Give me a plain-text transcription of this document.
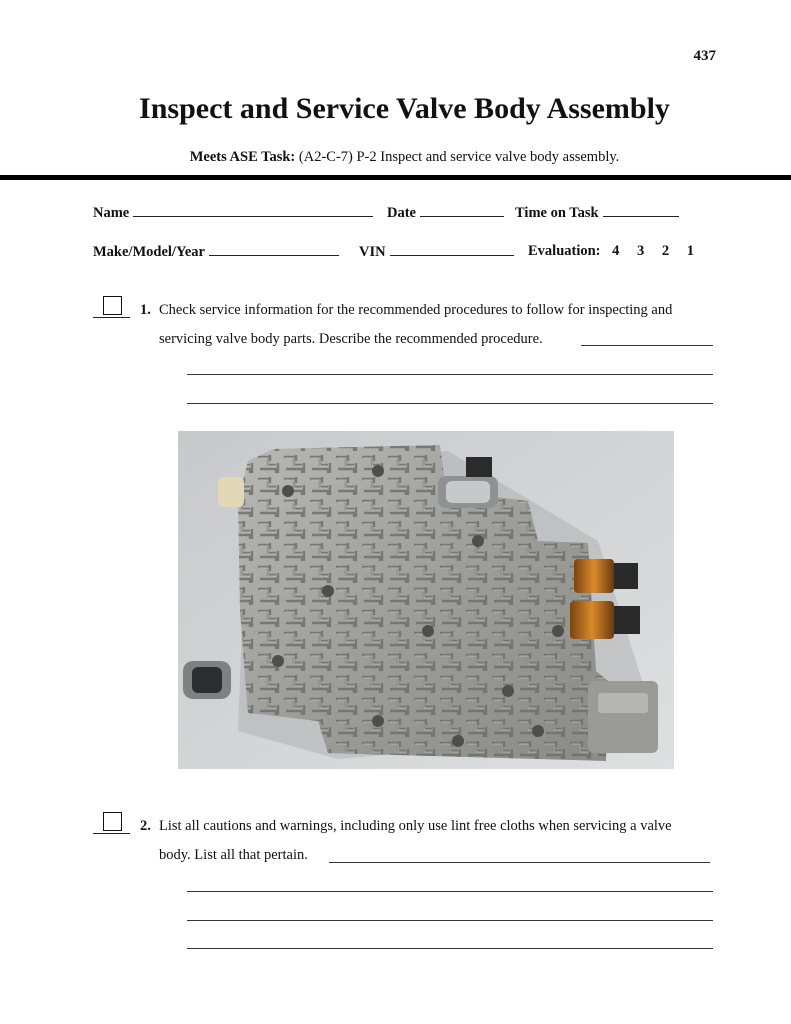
437
Inspect and Service Valve Body Assembly
Meets ASE Task: (A2-C-7) P-2 Inspect and service valve body assembly.
Name	Date	Time on Task
Make/Model/Year	VIN	Evaluation: 4 3 2 1
1. Check service information for the recommended procedures to follow for inspecting and
servicing valve body parts. Describe the recommended procedure.
2. List all cautions and warnings, including only use lint free cloths when servicing a valve
body. List all that pertain.
